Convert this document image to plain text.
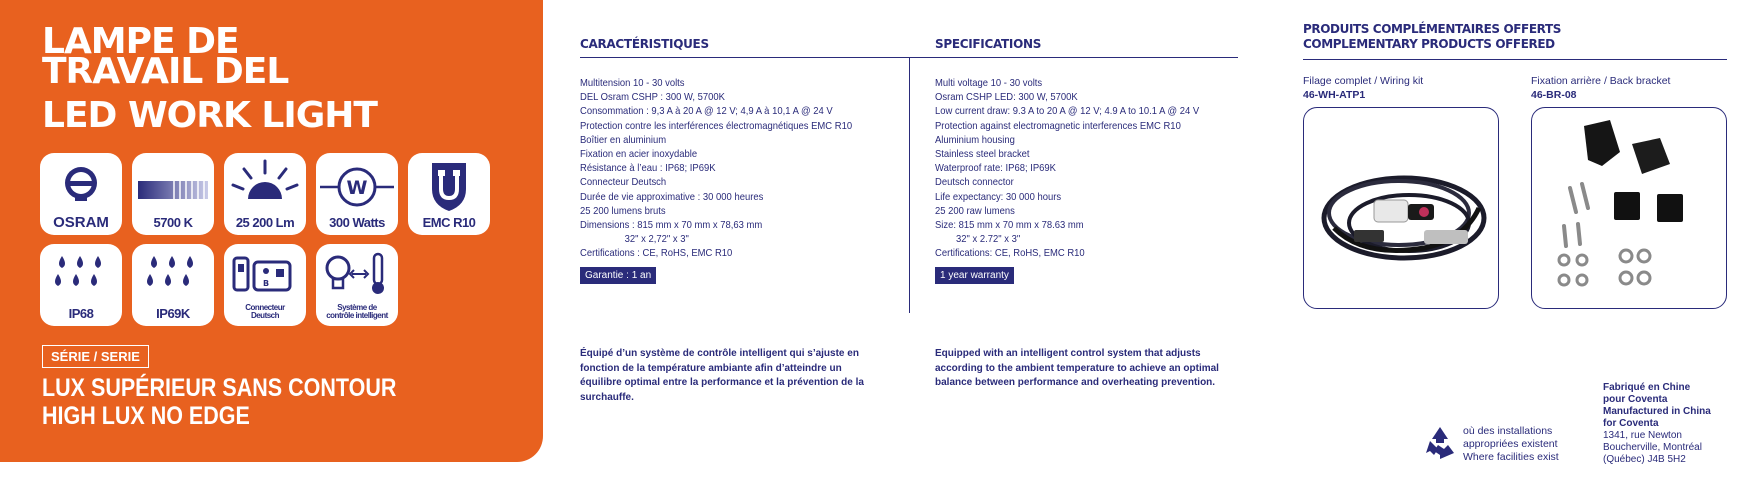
LAMPE DE
TRAVAIL DEL
LED WORK LIGHT
OSRAM	5700 K	25 200 Lm
W
300 Watts	EMC R10
IP68	IP69K
B
Connecteur
Deutsch
Système de
contrôle intelligent
SÉRIE / SERIE
LUX SUPÉRIEUR SANS CONTOUR
HIGH LUX NO EDGE
CARACTÉRISTIQUES	SPECIFICATIONS
Multitension 10 - 30 volts
DEL Osram CSHP : 300 W, 5700K
Consommation : 9,3 A à 20 A @ 12 V; 4,9 A à 10,1 A @ 24 V
Protection contre les interférences électromagnétiques EMC R10
Boîtier en aluminium
Fixation en acier inoxydable
Résistance à l’eau : IP68; IP69K
Connecteur Deutsch
Durée de vie approximative : 30 000 heures
25 200 lumens bruts
Dimensions : 815 mm x 70 mm x 78,63 mm
32" x 2,72" x 3"
Certifications : CE, RoHS, EMC R10
Multi voltage 10 - 30 volts
Osram CSHP LED: 300 W, 5700K
Low current draw: 9.3 A to 20 A @ 12 V; 4.9 A to 10.1 A @ 24 V
Protection against electromagnetic interferences EMC R10
Aluminium housing
Stainless steel bracket
Waterproof rate: IP68; IP69K
Deutsch connector
Life expectancy: 30 000 hours
25 200 raw lumens
Size: 815 mm x 70 mm x 78.63 mm
32" x 2.72" x 3"
Certifications: CE, RoHS, EMC R10
Garantie : 1 an	1 year warranty
Équipé d’un système de contrôle intelligent qui s’ajuste en fonction de la température ambiante afin d’atteindre un équilibre optimal entre la performance et la prévention de la surchauffe.
Equipped with an intelligent control system that adjusts according to the ambient temperature to achieve an optimal balance between performance and overheating prevention.
PRODUITS COMPLÉMENTAIRES OFFERTS
COMPLEMENTARY PRODUCTS OFFERED
Filage complet / Wiring kit
46-WH-ATP1
Fixation arrière / Back bracket
46-BR-08
où des installations
appropriées existent
Where facilities exist
Fabriqué en Chine
pour Coventa
Manufactured in China
for Coventa
1341, rue Newton
Boucherville, Montréal
(Québec) J4B 5H2
